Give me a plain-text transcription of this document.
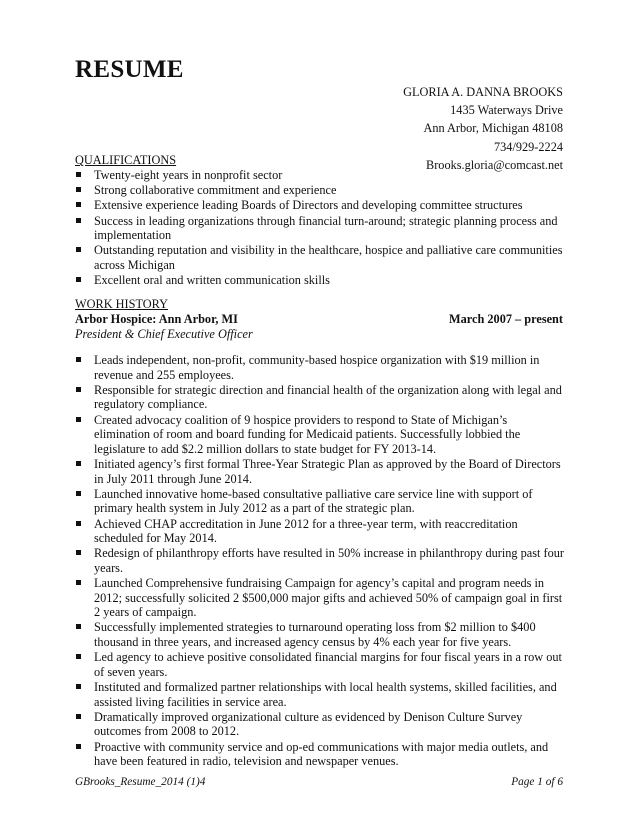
RESUME
GLORIA A. DANNA BROOKS
1435 Waterways Drive
Ann Arbor, Michigan 48108
734/929-2224
Brooks.gloria@comcast.net
QUALIFICATIONS
Twenty-eight years in nonprofit sector
Strong collaborative commitment and experience
Extensive experience leading Boards of Directors and developing committee structures
Success in leading organizations through financial turn-around; strategic planning process and implementation
Outstanding reputation and visibility in the healthcare, hospice and palliative care communities across Michigan
Excellent oral and written communication skills
WORK HISTORY
Arbor Hospice: Ann Arbor, MI	March 2007 – present
President & Chief Executive Officer
Leads independent, non-profit, community-based hospice organization with $19 million in revenue and 255 employees.
Responsible for strategic direction and financial health of the organization along with legal and regulatory compliance.
Created advocacy coalition of 9 hospice providers to respond to State of Michigan’s elimination of room and board funding for Medicaid patients. Successfully lobbied the legislature to add $2.2 million dollars to state budget for FY 2013-14.
Initiated agency’s first formal Three-Year Strategic Plan as approved by the Board of Directors in July 2011 through June 2014.
Launched innovative home-based consultative palliative care service line with support of primary health system in July 2012 as a part of the strategic plan.
Achieved CHAP accreditation in June 2012 for a three-year term, with reaccreditation scheduled for May 2014.
Redesign of philanthropy efforts have resulted in 50% increase in philanthropy during past four years.
Launched Comprehensive fundraising Campaign for agency’s capital and program needs in 2012; successfully solicited 2 $500,000 major gifts and achieved 50% of campaign goal in first 2 years of campaign.
Successfully implemented strategies to turnaround operating loss from $2 million to $400 thousand in three years, and increased agency census by 4% each year for five years.
Led agency to achieve positive consolidated financial margins for four fiscal years in a row out of seven years.
Instituted and formalized partner relationships with local health systems, skilled facilities, and assisted living facilities in service area.
Dramatically improved organizational culture as evidenced by Denison Culture Survey outcomes from 2008 to 2012.
Proactive with community service and op-ed communications with major media outlets, and have been featured in radio, television and newspaper venues.
GBrooks_Resume_2014 (1)4	Page 1 of 6
